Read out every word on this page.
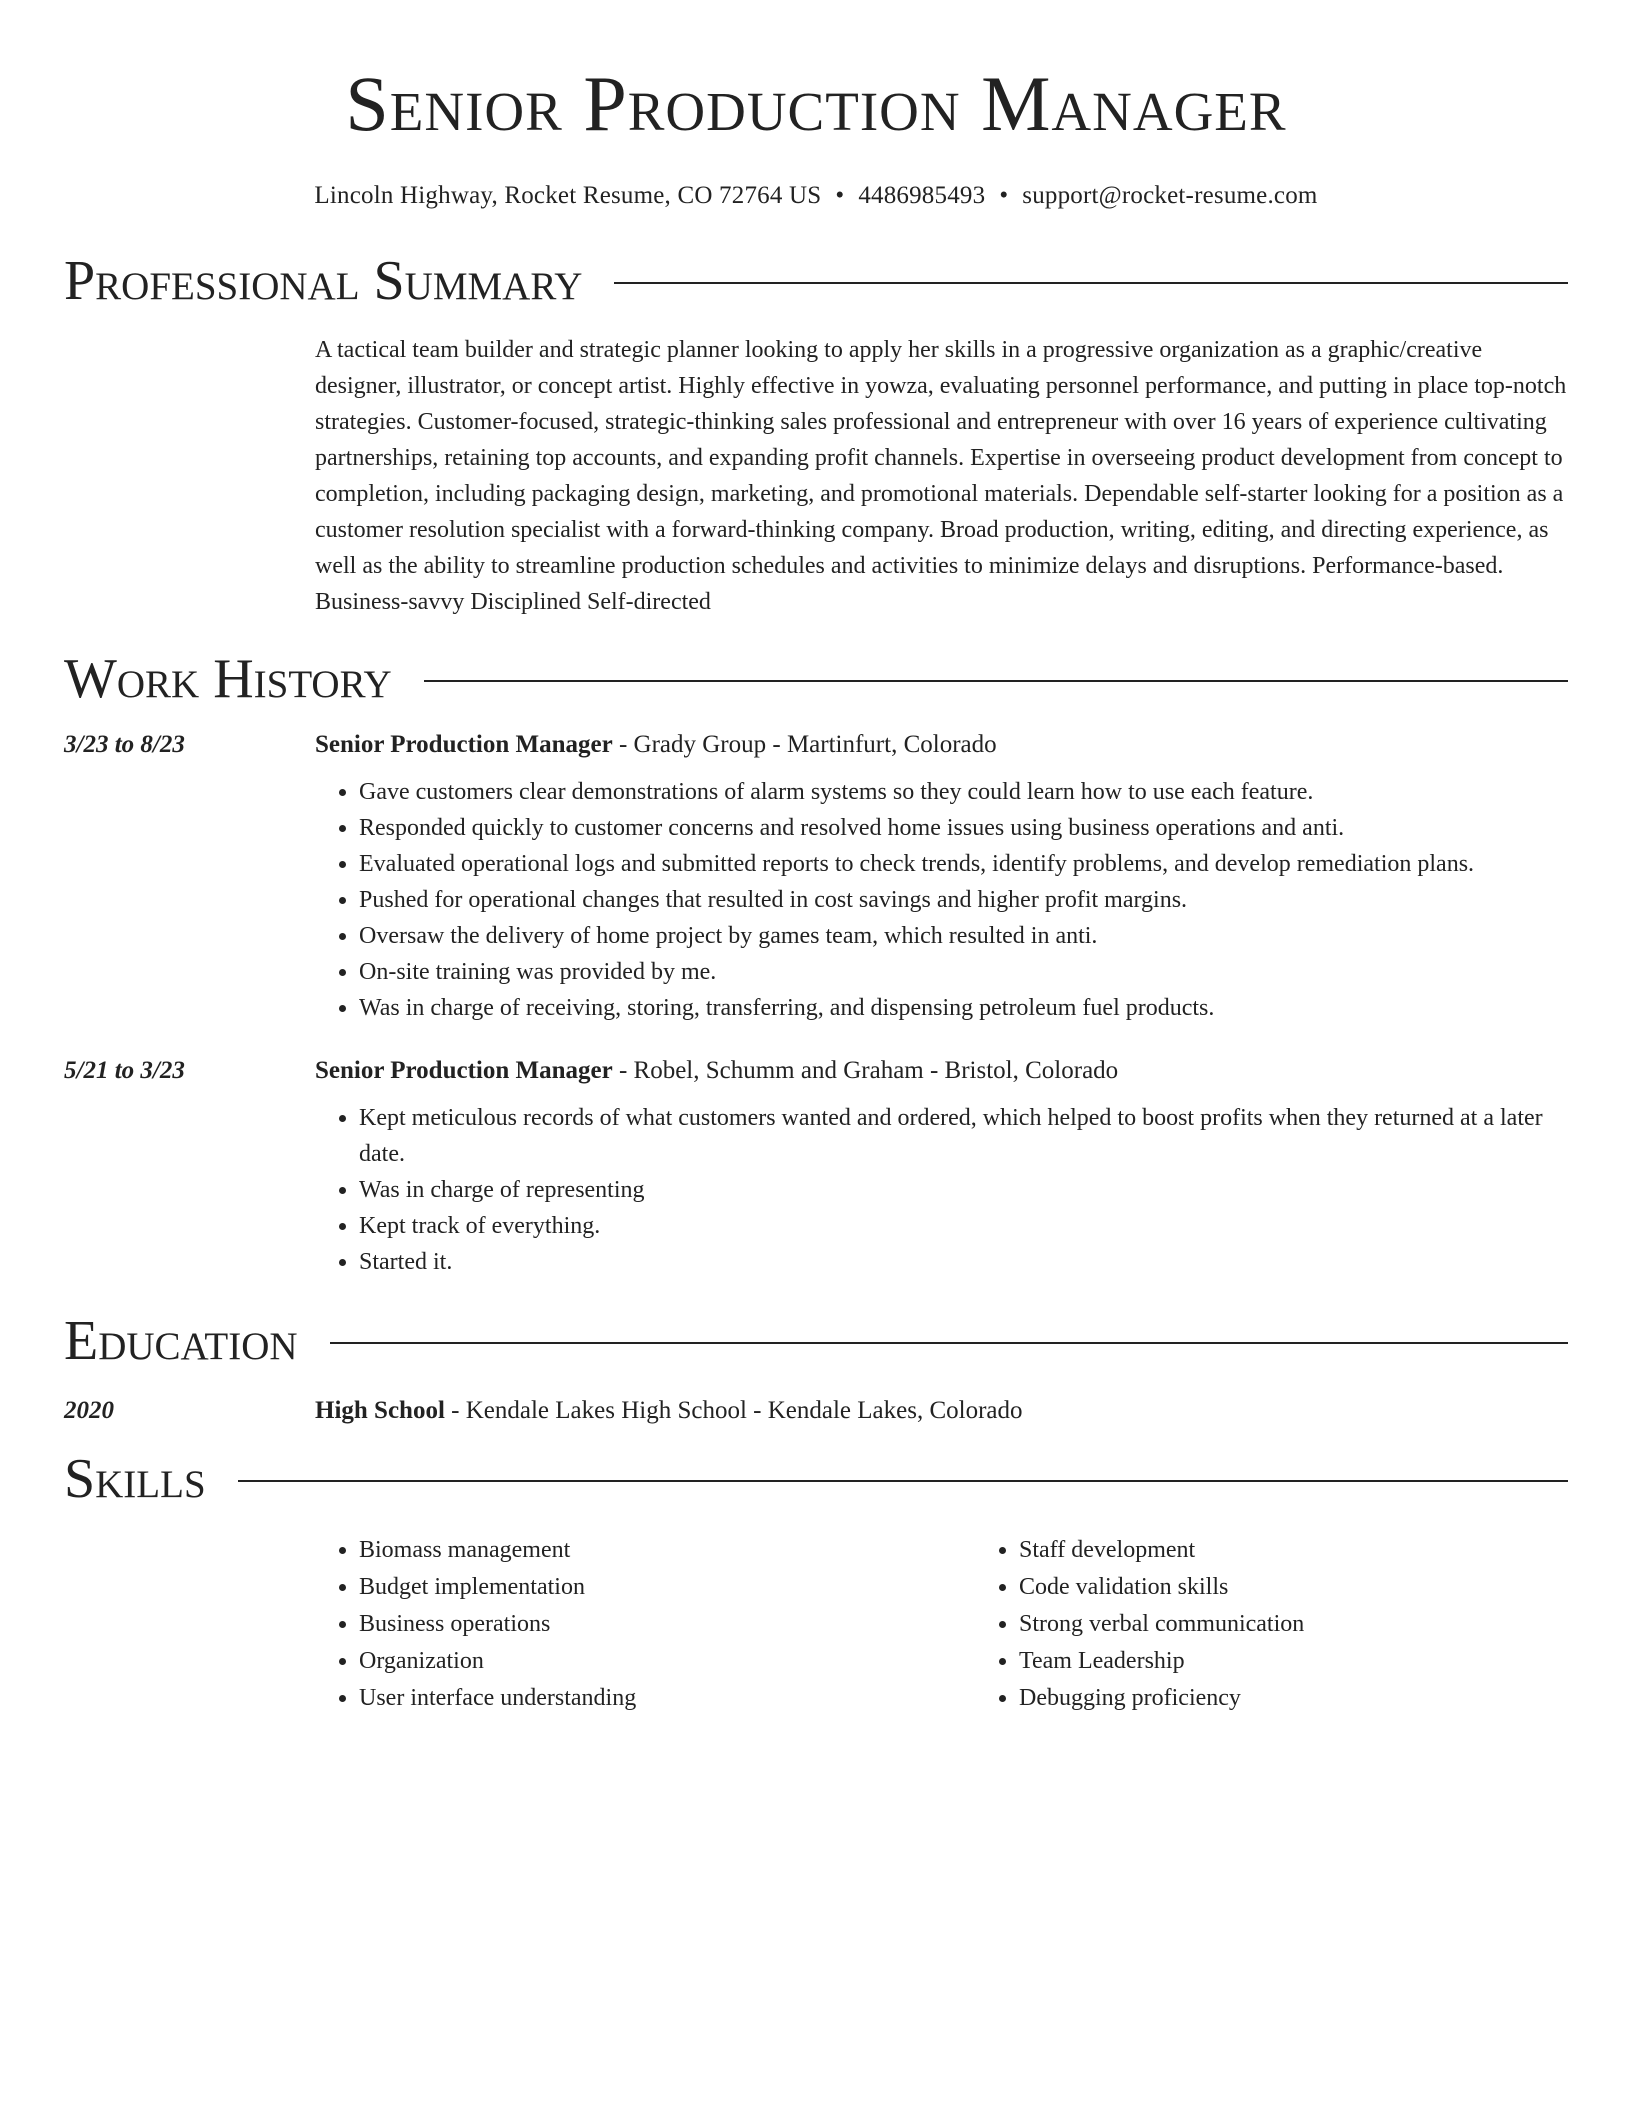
Senior Production Manager
Lincoln Highway, Rocket Resume, CO 72764 US • 4486985493 • support@rocket-resume.com
Professional Summary

A tactical team builder and strategic planner looking to apply her skills in a progressive organization as a graphic/creative designer, illustrator, or concept artist. Highly effective in yowza, evaluating personnel performance, and putting in place top-notch strategies. Customer-focused, strategic-thinking sales professional and entrepreneur with over 16 years of experience cultivating partnerships, retaining top accounts, and expanding profit channels. Expertise in overseeing product development from concept to completion, including packaging design, marketing, and promotional materials. Dependable self-starter looking for a position as a customer resolution specialist with a forward-thinking company. Broad production, writing, editing, and directing experience, as well as the ability to streamline production schedules and activities to minimize delays and disruptions. Performance-based. Business-savvy Disciplined Self-directed

Work History
3/23 to 8/23	Senior Production Manager - Grady Group - Martinfurt, Colorado
• Gave customers clear demonstrations of alarm systems so they could learn how to use each feature.
• Responded quickly to customer concerns and resolved home issues using business operations and anti.
• Evaluated operational logs and submitted reports to check trends, identify problems, and develop remediation plans.
• Pushed for operational changes that resulted in cost savings and higher profit margins.
• Oversaw the delivery of home project by games team, which resulted in anti.
• On-site training was provided by me.
• Was in charge of receiving, storing, transferring, and dispensing petroleum fuel products.
5/21 to 3/23	Senior Production Manager - Robel, Schumm and Graham - Bristol, Colorado
• Kept meticulous records of what customers wanted and ordered, which helped to boost profits when they returned at a later date.
• Was in charge of representing
• Kept track of everything.
• Started it.
Education
2020	High School - Kendale Lakes High School - Kendale Lakes, Colorado
Skills
• Biomass management
• Budget implementation
• Business operations
• Organization
• User interface understanding
• Staff development
• Code validation skills
• Strong verbal communication
• Team Leadership
• Debugging proficiency
